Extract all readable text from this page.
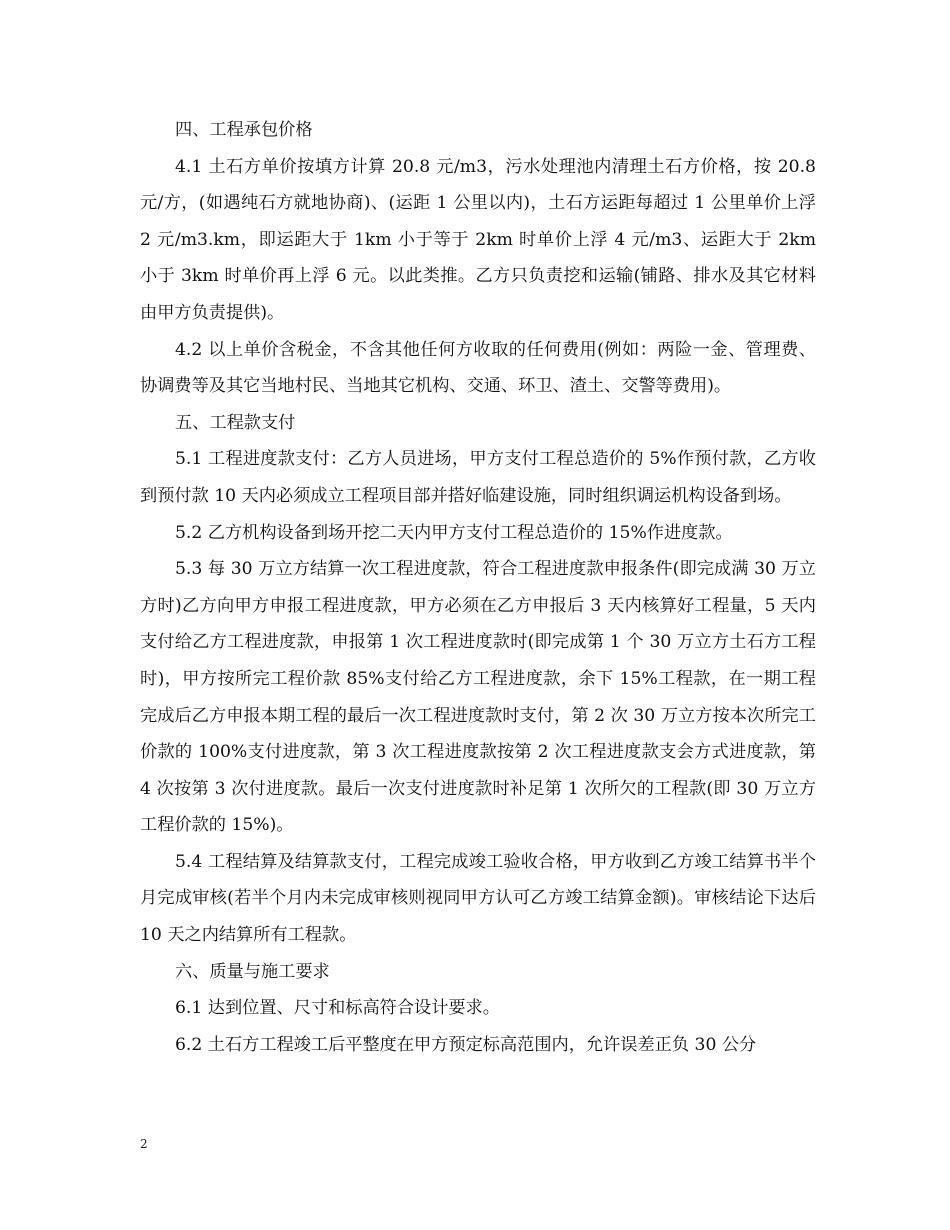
四、工程承包价格

4.1 土石方单价按填方计算 20.8 元/m3，污水处理池内清理土石方价格，按 20.8 元/方，(如遇纯石方就地协商)、(运距 1 公里以内)，土石方运距每超过 1 公里单价上浮 2 元/m3.km，即运距大于 1km 小于等于 2km 时单价上浮 4 元/m3、运距大于 2km 小于 3km 时单价再上浮 6 元。以此类推。乙方只负责挖和运输(铺路、排水及其它材料由甲方负责提供)。

4.2 以上单价含税金，不含其他任何方收取的任何费用(例如：两险一金、管理费、协调费等及其它当地村民、当地其它机构、交通、环卫、渣土、交警等费用)。

五、工程款支付

5.1 工程进度款支付：乙方人员进场，甲方支付工程总造价的 5%作预付款，乙方收到预付款 10 天内必须成立工程项目部并搭好临建设施，同时组织调运机构设备到场。

5.2 乙方机构设备到场开挖二天内甲方支付工程总造价的 15%作进度款。

5.3 每 30 万立方结算一次工程进度款，符合工程进度款申报条件(即完成满 30 万立方时)乙方向甲方申报工程进度款，甲方必须在乙方申报后 3 天内核算好工程量，5 天内支付给乙方工程进度款，申报第 1 次工程进度款时(即完成第 1 个 30 万立方土石方工程时)，甲方按所完工程价款 85%支付给乙方工程进度款，余下 15%工程款，在一期工程完成后乙方申报本期工程的最后一次工程进度款时支付，第 2 次 30 万立方按本次所完工价款的 100%支付进度款，第 3 次工程进度款按第 2 次工程进度款支会方式进度款，第 4 次按第 3 次付进度款。最后一次支付进度款时补足第 1 次所欠的工程款(即 30 万立方工程价款的 15%)。

5.4 工程结算及结算款支付，工程完成竣工验收合格，甲方收到乙方竣工结算书半个月完成审核(若半个月内未完成审核则视同甲方认可乙方竣工结算金额)。审核结论下达后 10 天之内结算所有工程款。

六、质量与施工要求

6.1 达到位置、尺寸和标高符合设计要求。

6.2 土石方工程竣工后平整度在甲方预定标高范围内，允许误差正负 30 公分

2
